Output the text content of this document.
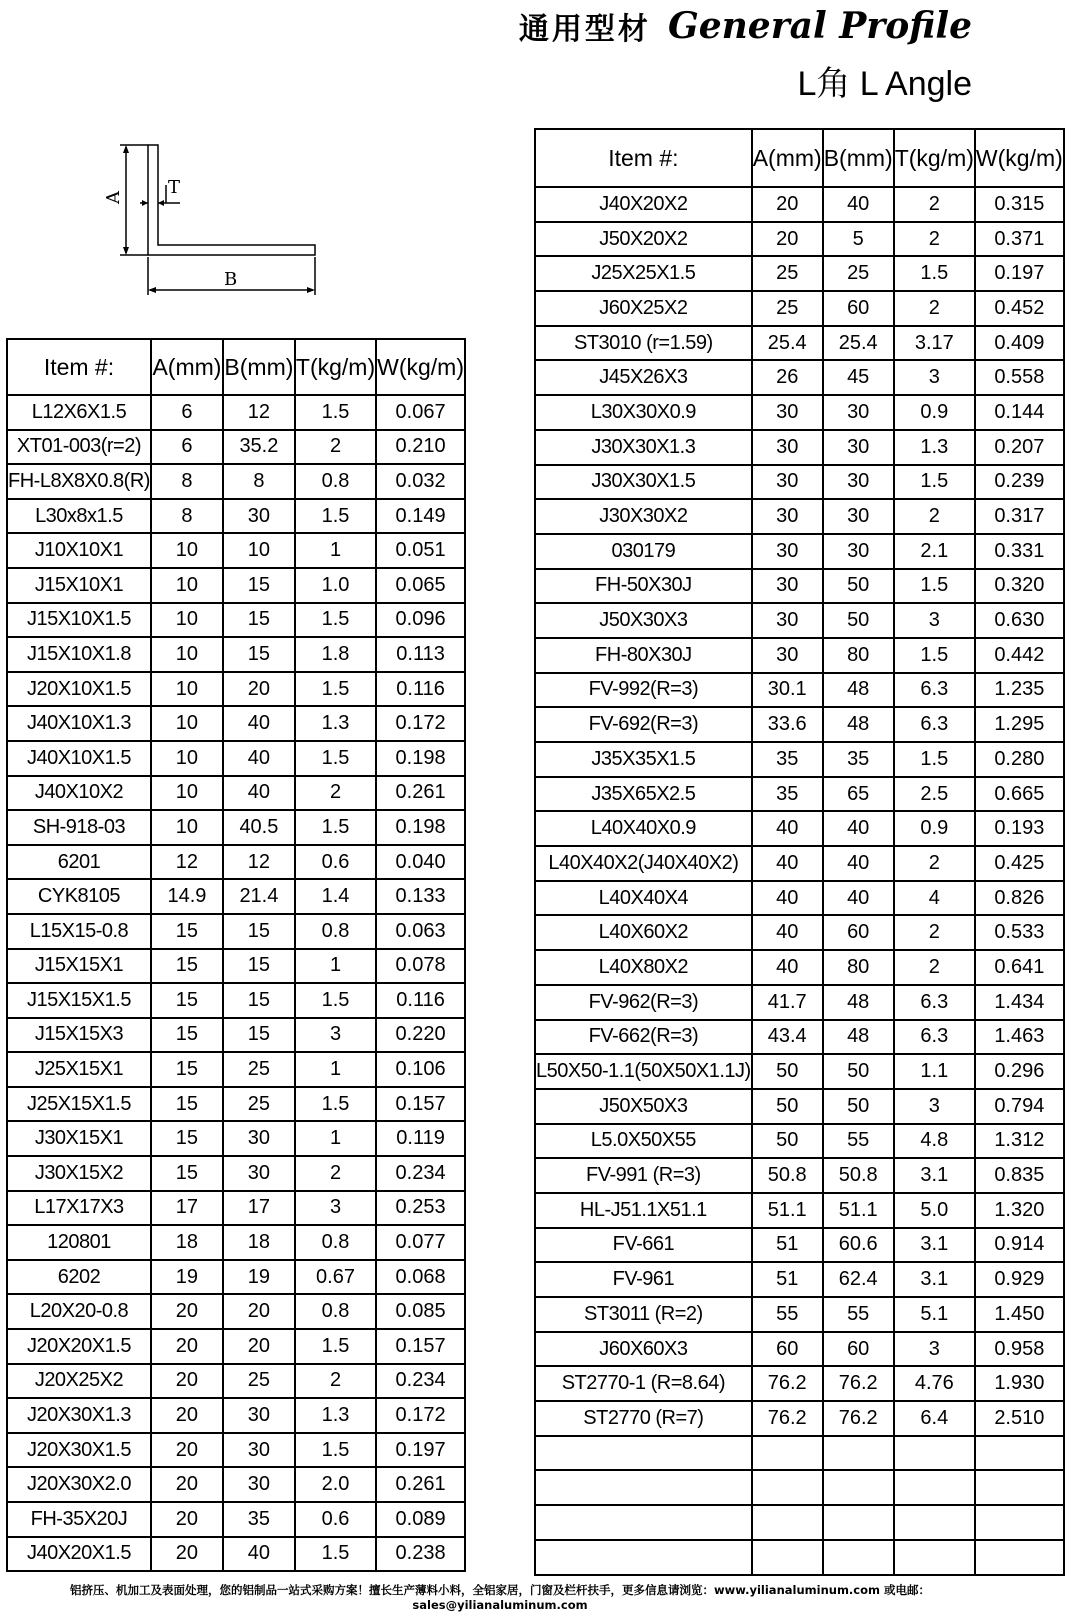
通用型材 General Profile
L角 L Angle
A T
B
Item #:	A(mm)	B(mm)	T(kg/m)	W(kg/m)
L12X6X1.5	6	12	1.5	0.067
XT01-003(r=2)	6	35.2	2	0.210
FH-L8X8X0.8(R)	8	8	0.8	0.032
L30x8x1.5	8	30	1.5	0.149
J10X10X1	10	10	1	0.051
J15X10X1	10	15	1.0	0.065
J15X10X1.5	10	15	1.5	0.096
J15X10X1.8	10	15	1.8	0.113
J20X10X1.5	10	20	1.5	0.116
J40X10X1.3	10	40	1.3	0.172
J40X10X1.5	10	40	1.5	0.198
J40X10X2	10	40	2	0.261
SH-918-03	10	40.5	1.5	0.198
6201	12	12	0.6	0.040
CYK8105	14.9	21.4	1.4	0.133
L15X15-0.8	15	15	0.8	0.063
J15X15X1	15	15	1	0.078
J15X15X1.5	15	15	1.5	0.116
J15X15X3	15	15	3	0.220
J25X15X1	15	25	1	0.106
J25X15X1.5	15	25	1.5	0.157
J30X15X1	15	30	1	0.119
J30X15X2	15	30	2	0.234
L17X17X3	17	17	3	0.253
120801	18	18	0.8	0.077
6202	19	19	0.67	0.068
L20X20-0.8	20	20	0.8	0.085
J20X20X1.5	20	20	1.5	0.157
J20X25X2	20	25	2	0.234
J20X30X1.3	20	30	1.3	0.172
J20X30X1.5	20	30	1.5	0.197
J20X30X2.0	20	30	2.0	0.261
FH-35X20J	20	35	0.6	0.089
J40X20X1.5	20	40	1.5	0.238
Item #:	A(mm)	B(mm)	T(kg/m)	W(kg/m)
J40X20X2	20	40	2	0.315
J50X20X2	20	5	2	0.371
J25X25X1.5	25	25	1.5	0.197
J60X25X2	25	60	2	0.452
ST3010 (r=1.59)	25.4	25.4	3.17	0.409
J45X26X3	26	45	3	0.558
L30X30X0.9	30	30	0.9	0.144
J30X30X1.3	30	30	1.3	0.207
J30X30X1.5	30	30	1.5	0.239
J30X30X2	30	30	2	0.317
030179	30	30	2.1	0.331
FH-50X30J	30	50	1.5	0.320
J50X30X3	30	50	3	0.630
FH-80X30J	30	80	1.5	0.442
FV-992(R=3)	30.1	48	6.3	1.235
FV-692(R=3)	33.6	48	6.3	1.295
J35X35X1.5	35	35	1.5	0.280
J35X65X2.5	35	65	2.5	0.665
L40X40X0.9	40	40	0.9	0.193
L40X40X2(J40X40X2)	40	40	2	0.425
L40X40X4	40	40	4	0.826
L40X60X2	40	60	2	0.533
L40X80X2	40	80	2	0.641
FV-962(R=3)	41.7	48	6.3	1.434
FV-662(R=3)	43.4	48	6.3	1.463
L50X50-1.1(50X50X1.1J)	50	50	1.1	0.296
J50X50X3	50	50	3	0.794
L5.0X50X55	50	55	4.8	1.312
FV-991 (R=3)	50.8	50.8	3.1	0.835
HL-J51.1X51.1	51.1	51.1	5.0	1.320
FV-661	51	60.6	3.1	0.914
FV-961	51	62.4	3.1	0.929
ST3011 (R=2)	55	55	5.1	1.450
J60X60X3	60	60	3	0.958
ST2770-1 (R=8.64)	76.2	76.2	4.76	1.930
ST2770 (R=7)	76.2	76.2	6.4	2.510

铝挤压、机加工及表面处理，您的铝制品一站式采购方案！擅长生产薄料小料，全铝家居，门窗及栏杆扶手，更多信息请浏览：www.yilianaluminum.com 或电邮：sales@yilianaluminum.com
